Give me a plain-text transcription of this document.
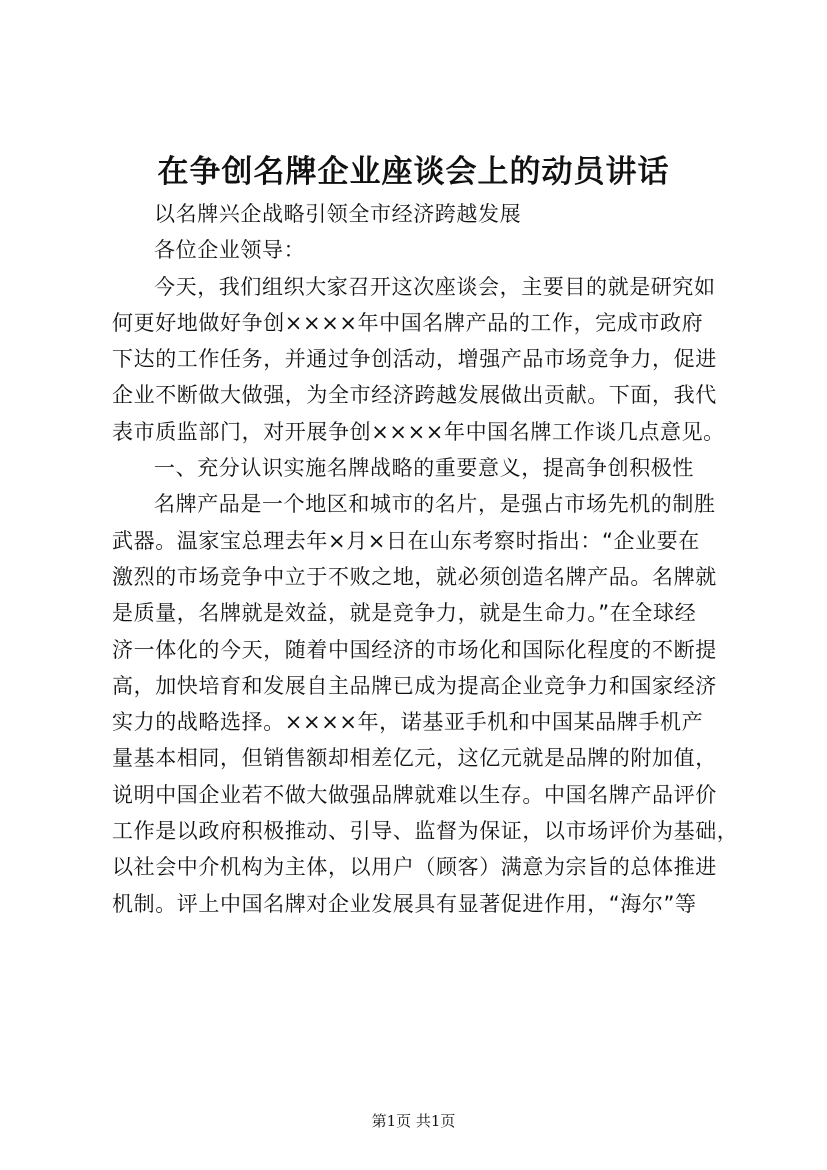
在争创名牌企业座谈会上的动员讲话
以名牌兴企战略引领全市经济跨越发展
各位企业领导：
今天，我们组织大家召开这次座谈会，主要目的就是研究如
何更好地做好争创××××年中国名牌产品的工作，完成市政府
下达的工作任务，并通过争创活动，增强产品市场竞争力，促进
企业不断做大做强，为全市经济跨越发展做出贡献。下面，我代
表市质监部门，对开展争创××××年中国名牌工作谈几点意见。
一、充分认识实施名牌战略的重要意义，提高争创积极性
名牌产品是一个地区和城市的名片，是强占市场先机的制胜
武器。温家宝总理去年×月×日在山东考察时指出：“企业要在
激烈的市场竞争中立于不败之地，就必须创造名牌产品。名牌就
是质量，名牌就是效益，就是竞争力，就是生命力。”在全球经
济一体化的今天，随着中国经济的市场化和国际化程度的不断提
高，加快培育和发展自主品牌已成为提高企业竞争力和国家经济
实力的战略选择。××××年，诺基亚手机和中国某品牌手机产
量基本相同，但销售额却相差亿元，这亿元就是品牌的附加值，
说明中国企业若不做大做强品牌就难以生存。中国名牌产品评价
工作是以政府积极推动、引导、监督为保证，以市场评价为基础，
以社会中介机构为主体，以用户（顾客）满意为宗旨的总体推进
机制。评上中国名牌对企业发展具有显著促进作用，“海尔”等
第1页 共1页
